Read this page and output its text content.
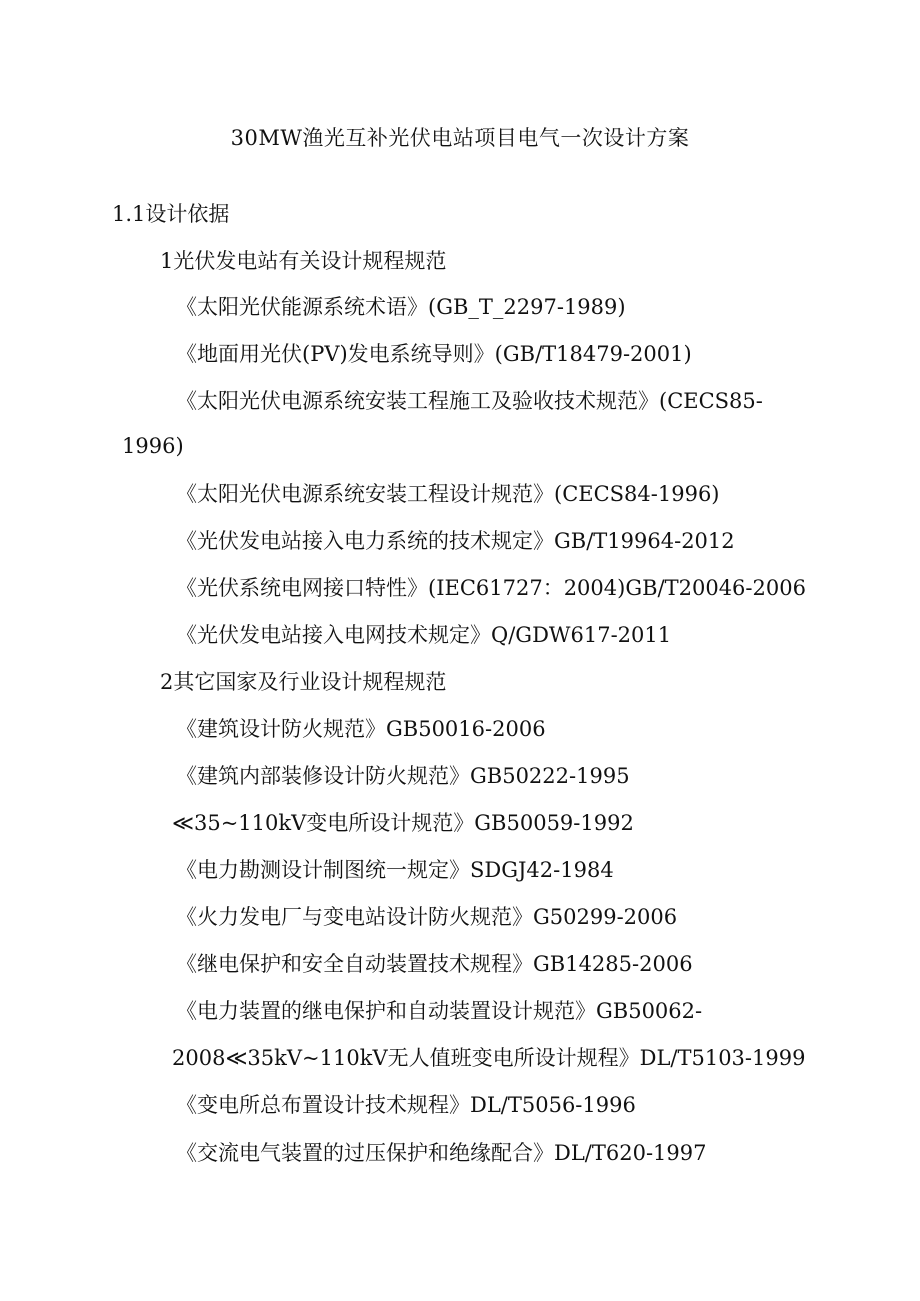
30MW渔光互补光伏电站项目电气一次设计方案
1.1设计依据
1光伏发电站有关设计规程规范
《太阳光伏能源系统术语》(GB_T_2297-1989)
《地面用光伏(PV)发电系统导则》(GB/T18479-2001)
《太阳光伏电源系统安装工程施工及验收技术规范》(CECS85-
1996)
《太阳光伏电源系统安装工程设计规范》(CECS84-1996)
《光伏发电站接入电力系统的技术规定》GB/T19964-2012
《光伏系统电网接口特性》(IEC61727：2004)GB/T20046-2006
《光伏发电站接入电网技术规定》Q/GDW617-2011
2其它国家及行业设计规程规范
《建筑设计防火规范》GB50016-2006
《建筑内部装修设计防火规范》GB50222-1995
≪35~110kV变电所设计规范》GB50059-1992
《电力勘测设计制图统一规定》SDGJ42-1984
《火力发电厂与变电站设计防火规范》G50299-2006
《继电保护和安全自动装置技术规程》GB14285-2006
《电力装置的继电保护和自动装置设计规范》GB50062-
2008≪35kV~110kV无人值班变电所设计规程》DL/T5103-1999
《变电所总布置设计技术规程》DL/T5056-1996
《交流电气装置的过压保护和绝缘配合》DL/T620-1997
